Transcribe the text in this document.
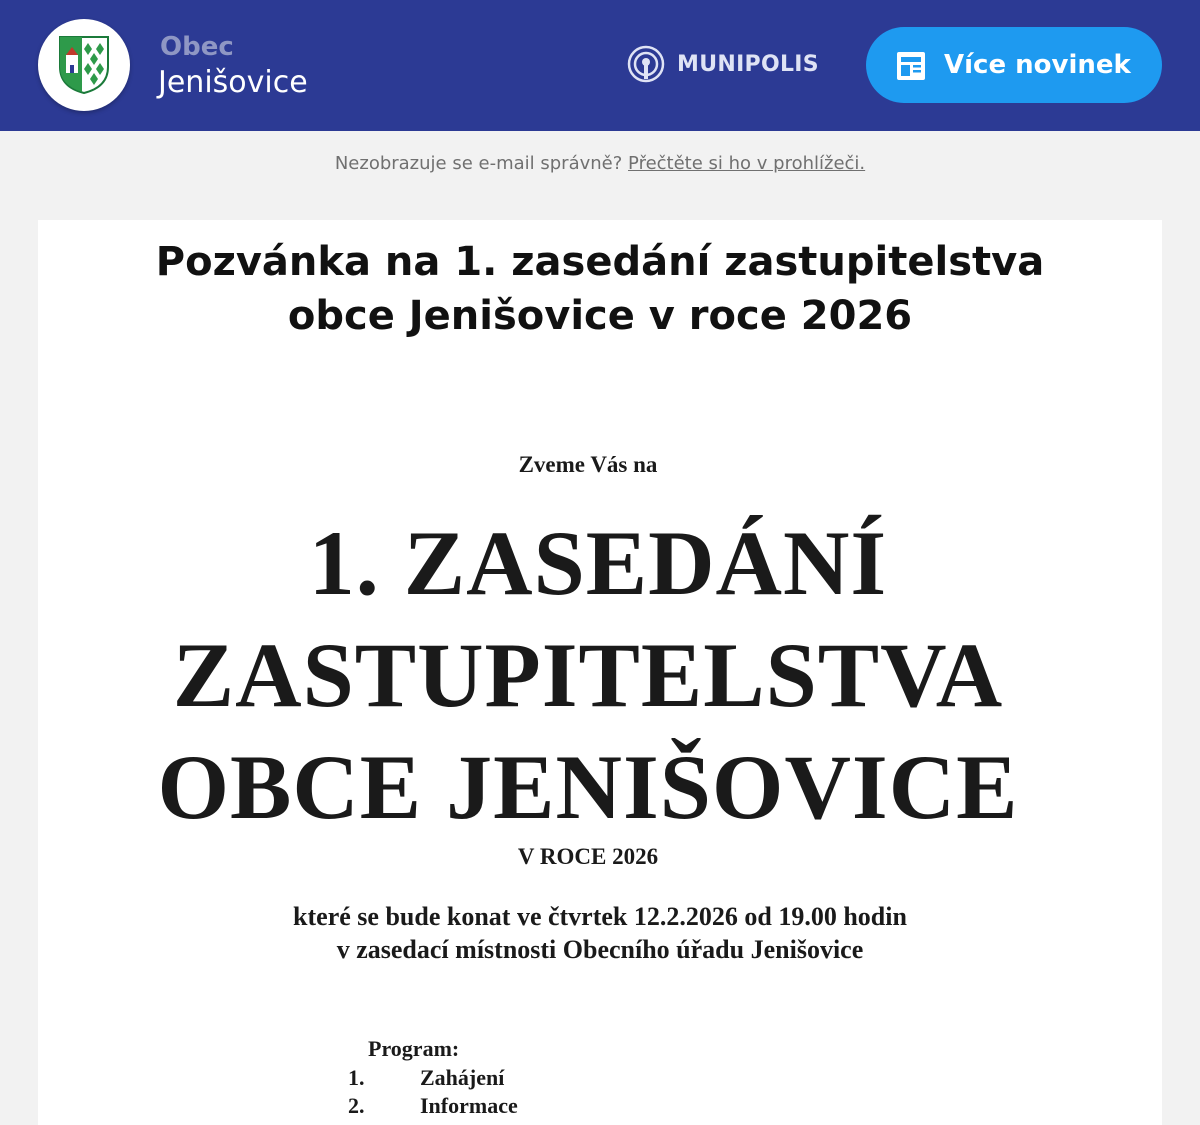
Obec
Jenišovice
MUNIPOLIS	Více novinek
Nezobrazuje se e-mail správně? Přečtěte si ho v prohlížeči.
Pozvánka na 1. zasedání zastupitelstva
obce Jenišovice v roce 2026
Zveme Vás na
1. ZASEDÁNÍ
ZASTUPITELSTVA
OBCE JENIŠOVICE
V ROCE 2026
které se bude konat ve čtvrtek 12.2.2026 od 19.00 hodin
v zasedací místnosti Obecního úřadu Jenišovice
Program:
1.	Zahájení
2.	Informace
